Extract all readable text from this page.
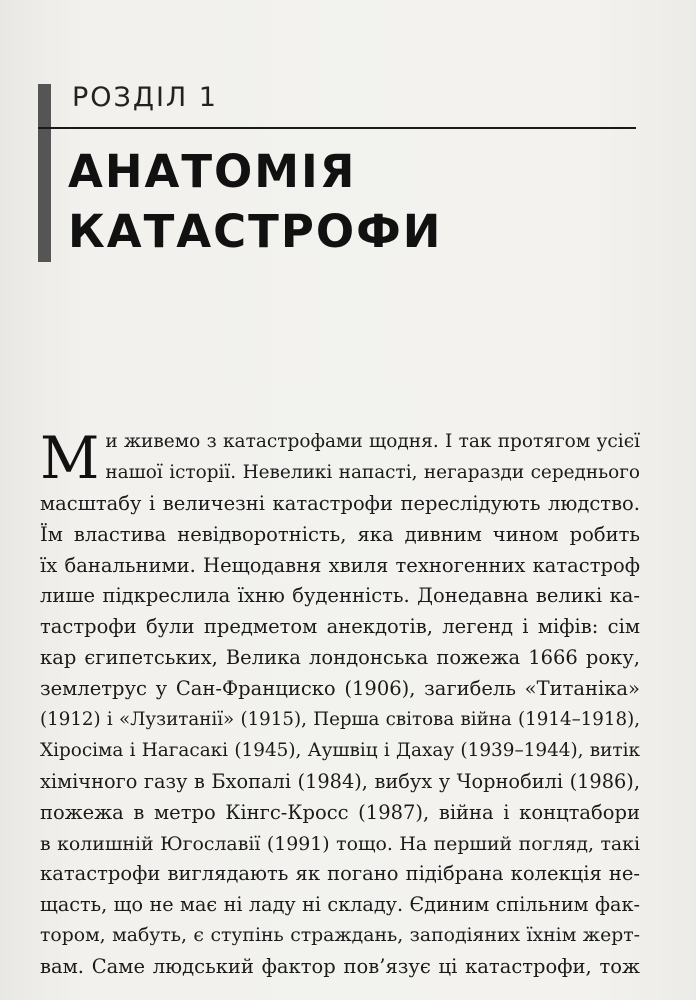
РОЗДІЛ 1
АНАТОМІЯ
КАТАСТРОФИ
М и живемо з катастрофами щодня. І так протягом усієї
нашої історії. Невеликі напасті, негаразди середнього
масштабу і величезні катастрофи переслідують людство.
Їм властива невідворотність, яка дивним чином робить
їх банальними. Нещодавня хвиля техногенних катастроф
лише підкреслила їхню буденність. Донедавна великі ка-
тастрофи були предметом анекдотів, легенд і міфів: сім
кар єгипетських, Велика лондонська пожежа 1666 року,
землетрус у Сан-Франциско (1906), загибель «Титаніка»
(1912) і «Лузитанії» (1915), Перша світова війна (1914–1918),
Хіросіма і Нагасакі (1945), Аушвіц і Дахау (1939–1944), витік
хімічного газу в Бхопалі (1984), вибух у Чорнобилі (1986),
пожежа в метро Кінгс-Кросс (1987), війна і концтабори
в колишній Югославії (1991) тощо. На перший погляд, такі
катастрофи виглядають як погано підібрана колекція не-
щасть, що не має ні ладу ні складу. Єдиним спільним фак-
тором, мабуть, є ступінь страждань, заподіяних їхнім жерт-
вам. Саме людський фактор пов’язує ці катастрофи, тож
